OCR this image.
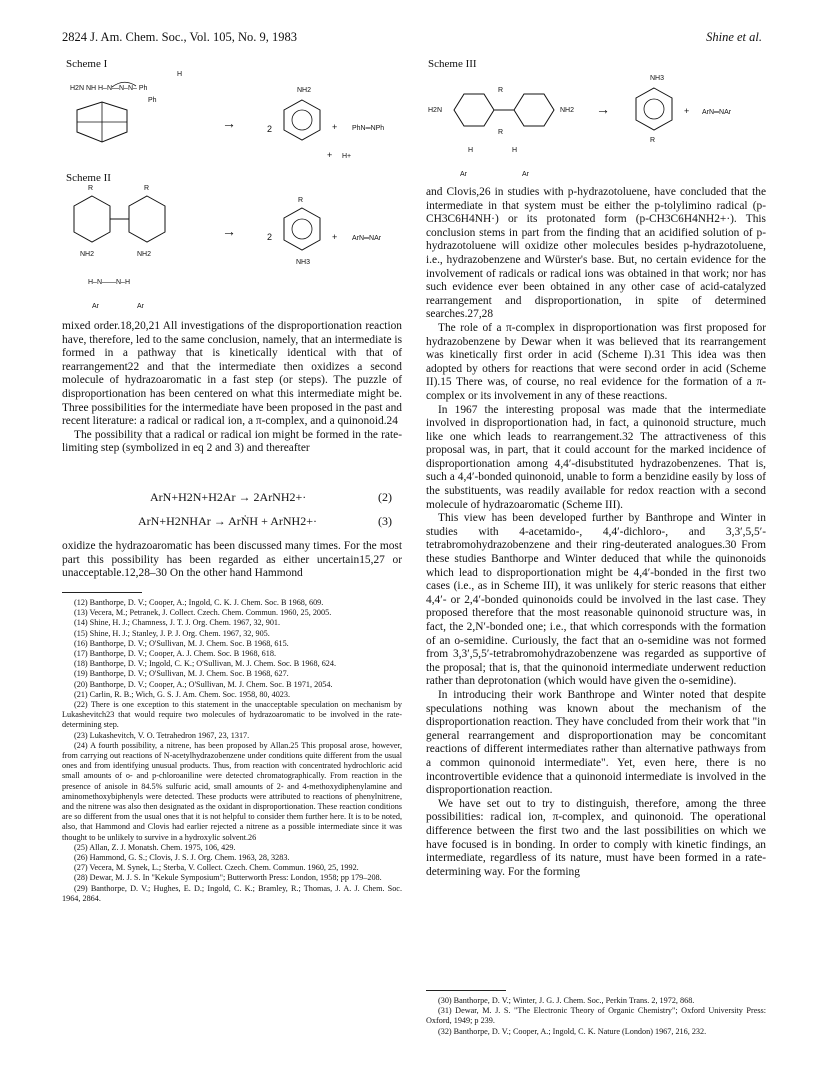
2824 J. Am. Chem. Soc., Vol. 105, No. 9, 1983	Shine et al.
Scheme I
H
H2N NH H–N—N–N– Ph
Ph
→	2
NH2
+ PhN═NPh
+ H+
Scheme II
R	R
NH2	NH2
H–N——N–H
Ar	Ar
→	2
R
NH3
+ ArN═NAr
Scheme III
H2N
R
R
NH2
H	H
Ar	Ar
→
NH3
R
+ ArN═NAr

mixed order.18,20,21 All investigations of the disproportionation reaction have, therefore, led to the same conclusion, namely, that an intermediate is formed in a pathway that is kinetically identical with that of rearrangement22 and that the intermediate then oxidizes a second molecule of hydrazoaromatic in a fast step (or steps). The puzzle of disproportionation has been centered on what this intermediate might be. Three possibilities for the intermediate have been proposed in the past and recent literature: a radical or radical ion, a π-complex, and a quinonoid.24

The possibility that a radical or radical ion might be formed in the rate-limiting step (symbolized in eq 2 and 3) and thereafter

ArN+H2N+H2Ar → 2ArNH2+·	(2)
ArN+H2NHAr → ArṄH + ArNH2+·	(3)

oxidize the hydrazoaromatic has been discussed many times. For the most part this possibility has been regarded as either uncertain15,27 or unacceptable.12,28–30 On the other hand Hammond

(12) Banthorpe, D. V.; Cooper, A.; Ingold, C. K. J. Chem. Soc. B 1968, 609.
(13) Vecera, M.; Petranek, J. Collect. Czech. Chem. Commun. 1960, 25, 2005.
(14) Shine, H. J.; Chamness, J. T. J. Org. Chem. 1967, 32, 901.
(15) Shine, H. J.; Stanley, J. P. J. Org. Chem. 1967, 32, 905.
(16) Banthorpe, D. V.; O'Sullivan, M. J. Chem. Soc. B 1968, 615.
(17) Banthorpe, D. V.; Cooper, A. J. Chem. Soc. B 1968, 618.
(18) Banthorpe, D. V.; Ingold, C. K.; O'Sullivan, M. J. Chem. Soc. B 1968, 624.
(19) Banthorpe, D. V.; O'Sullivan, M. J. Chem. Soc. B 1968, 627.
(20) Banthorpe, D. V.; Cooper, A.; O'Sullivan, M. J. Chem. Soc. B 1971, 2054.
(21) Carlin, R. B.; Wich, G. S. J. Am. Chem. Soc. 1958, 80, 4023.
(22) There is one exception to this statement in the unacceptable speculation on mechanism by Lukashevitch23 that would require two molecules of hydrazoaromatic to be involved in the rate-determining step.
(23) Lukashevitch, V. O. Tetrahedron 1967, 23, 1317.
(24) A fourth possibility, a nitrene, has been proposed by Allan.25 This proposal arose, however, from carrying out reactions of N-acetylhydrazobenzene under conditions quite different from the usual ones and from identifying unusual products. Thus, from reaction with concentrated hydrochloric acid small amounts of o- and p-chloroaniline were detected chromatographically. From reaction in the presence of anisole in 84.5% sulfuric acid, small amounts of 2- and 4-methoxydiphenylamine and aminomethoxybiphenyls were detected. These products were attributed to reactions of phenylnitrene, and the nitrene was also then designated as the oxidant in disproportionation. These reaction conditions are so different from the usual ones that it is not helpful to consider them further here. It is to be noted, also, that Hammond and Clovis had earlier rejected a nitrene as a possible intermediate since it was thought to be unlikely to survive in a hydroxylic solvent.26
(25) Allan, Z. J. Monatsh. Chem. 1975, 106, 429.
(26) Hammond, G. S.; Clovis, J. S. J. Org. Chem. 1963, 28, 3283.
(27) Vecera, M. Synek, L.; Sterba, V. Collect. Czech. Chem. Commun. 1960, 25, 1992.
(28) Dewar, M. J. S. In "Kekule Symposium"; Butterworth Press: London, 1958; pp 179–208.
(29) Banthorpe, D. V.; Hughes, E. D.; Ingold, C. K.; Bramley, R.; Thomas, J. A. J. Chem. Soc. 1964, 2864.

and Clovis,26 in studies with p-hydrazotoluene, have concluded that the intermediate in that system must be either the p-tolylimino radical (p-CH3C6H4NH·) or its protonated form (p-CH3C6H4NH2+·). This conclusion stems in part from the finding that an acidified solution of p-hydrazotoluene will oxidize other molecules besides p-hydrazotoluene, i.e., hydrazobenzene and Würster's base. But, no certain evidence for the involvement of radicals or radical ions was obtained in that work; nor has such evidence ever been obtained in any other case of acid-catalyzed rearrangement and disproportionation, in spite of determined searches.27,28

The role of a π-complex in disproportionation was first proposed for hydrazobenzene by Dewar when it was believed that its rearrangement was kinetically first order in acid (Scheme I).31 This idea was then adopted by others for reactions that were second order in acid (Scheme II).15 There was, of course, no real evidence for the formation of a π-complex or its involvement in any of these reactions.

In 1967 the interesting proposal was made that the intermediate involved in disproportionation had, in fact, a quinonoid structure, much like one which leads to rearrangement.32 The attractiveness of this proposal was, in part, that it could account for the marked incidence of disproportionation among 4,4′-disubstituted hydrazobenzenes. That is, such a 4,4′-bonded quinonoid, unable to form a benzidine easily by loss of the substituents, was readily available for redox reaction with a second molecule of hydrazoaromatic (Scheme III).

This view has been developed further by Banthrope and Winter in studies with 4-acetamido-, 4,4′-dichloro-, and 3,3′,5,5′-tetrabromohydrazobenzene and their ring-deuterated analogues.30 From these studies Banthorpe and Winter deduced that while the quinonoids which lead to disproportionation might be 4,4′-bonded in the first two cases (i.e., as in Scheme III), it was unlikely for steric reasons that either 4,4′- or 2,4′-bonded quinonoids could be involved in the last case. They proposed therefore that the most reasonable quinonoid structure was, in fact, the 2,N′-bonded one; i.e., that which corresponds with the formation of an o-semidine. Curiously, the fact that an o-semidine was not formed from 3,3′,5,5′-tetrabromohydrazobenzene was regarded as supportive of the proposal; that is, that the quinonoid intermediate underwent reduction rather than deprotonation (which would have given the o-semidine).

In introducing their work Banthrope and Winter noted that despite speculations nothing was known about the mechanism of the disproportionation reaction. They have concluded from their work that "in general rearrangement and disproportionation may be concomitant reactions of different intermediates rather than alternative pathways from a common quinonoid intermediate". Yet, even here, there is no incontrovertible evidence that a quinonoid intermediate is involved in the disproportionation reaction.

We have set out to try to distinguish, therefore, among the three possibilities: radical ion, π-complex, and quinonoid. The operational difference between the first two and the last possibilities on which we have focused is in bonding. In order to comply with kinetic findings, an intermediate, regardless of its nature, must have been formed in a rate-determining way. For the forming

(30) Banthorpe, D. V.; Winter, J. G. J. Chem. Soc., Perkin Trans. 2, 1972, 868.
(31) Dewar, M. J. S. "The Electronic Theory of Organic Chemistry"; Oxford University Press: Oxford, 1949; p 239.
(32) Banthorpe, D. V.; Cooper, A.; Ingold, C. K. Nature (London) 1967, 216, 232.
